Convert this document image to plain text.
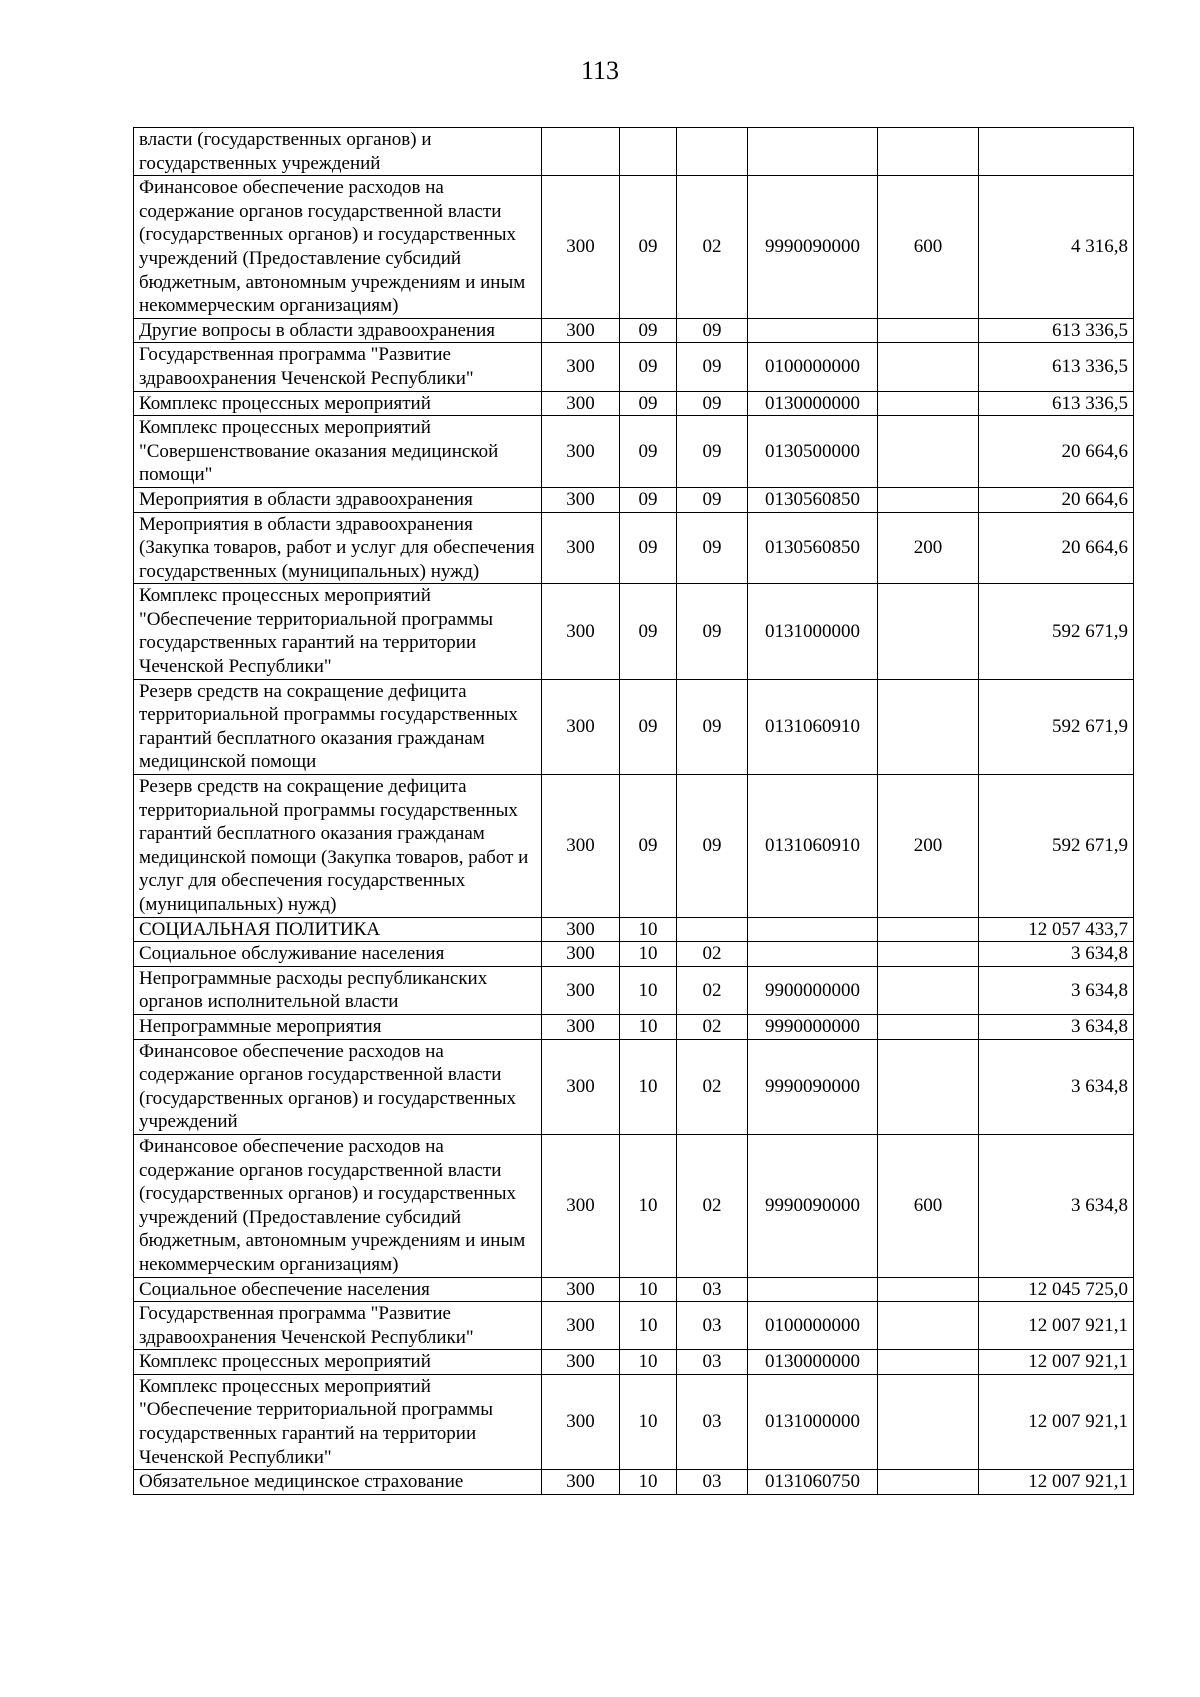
113
власти (государственных органов) и государственных учреждений						
Финансовое обеспечение расходов на содержание органов государственной власти (государственных органов) и государственных учреждений (Предоставление субсидий бюджетным, автономным учреждениям и иным некоммерческим организациям)	300	09	02	9990090000	600	4 316,8
Другие вопросы в области здравоохранения	300	09	09			613 336,5
Государственная программа "Развитие здравоохранения Чеченской Республики"	300	09	09	0100000000		613 336,5
Комплекс процессных мероприятий	300	09	09	0130000000		613 336,5
Комплекс процессных мероприятий "Совершенствование оказания медицинской помощи"	300	09	09	0130500000		20 664,6
Мероприятия в области здравоохранения	300	09	09	0130560850		20 664,6
Мероприятия в области здравоохранения (Закупка товаров, работ и услуг для обеспечения государственных (муниципальных) нужд)	300	09	09	0130560850	200	20 664,6
Комплекс процессных мероприятий "Обеспечение территориальной программы государственных гарантий на территории Чеченской Республики"	300	09	09	0131000000		592 671,9
Резерв средств на сокращение дефицита территориальной программы государственных гарантий бесплатного оказания гражданам медицинской помощи	300	09	09	0131060910		592 671,9
Резерв средств на сокращение дефицита территориальной программы государственных гарантий бесплатного оказания гражданам медицинской помощи (Закупка товаров, работ и услуг для обеспечения государственных (муниципальных) нужд)	300	09	09	0131060910	200	592 671,9
СОЦИАЛЬНАЯ ПОЛИТИКА	300	10				12 057 433,7
Социальное обслуживание населения	300	10	02			3 634,8
Непрограммные расходы республиканских органов исполнительной власти	300	10	02	9900000000		3 634,8
Непрограммные мероприятия	300	10	02	9990000000		3 634,8
Финансовое обеспечение расходов на содержание органов государственной власти (государственных органов) и государственных учреждений	300	10	02	9990090000		3 634,8
Финансовое обеспечение расходов на содержание органов государственной власти (государственных органов) и государственных учреждений (Предоставление субсидий бюджетным, автономным учреждениям и иным некоммерческим организациям)	300	10	02	9990090000	600	3 634,8
Социальное обеспечение населения	300	10	03			12 045 725,0
Государственная программа "Развитие здравоохранения Чеченской Республики"	300	10	03	0100000000		12 007 921,1
Комплекс процессных мероприятий	300	10	03	0130000000		12 007 921,1
Комплекс процессных мероприятий "Обеспечение территориальной программы государственных гарантий на территории Чеченской Республики"	300	10	03	0131000000		12 007 921,1
Обязательное медицинское страхование	300	10	03	0131060750		12 007 921,1
